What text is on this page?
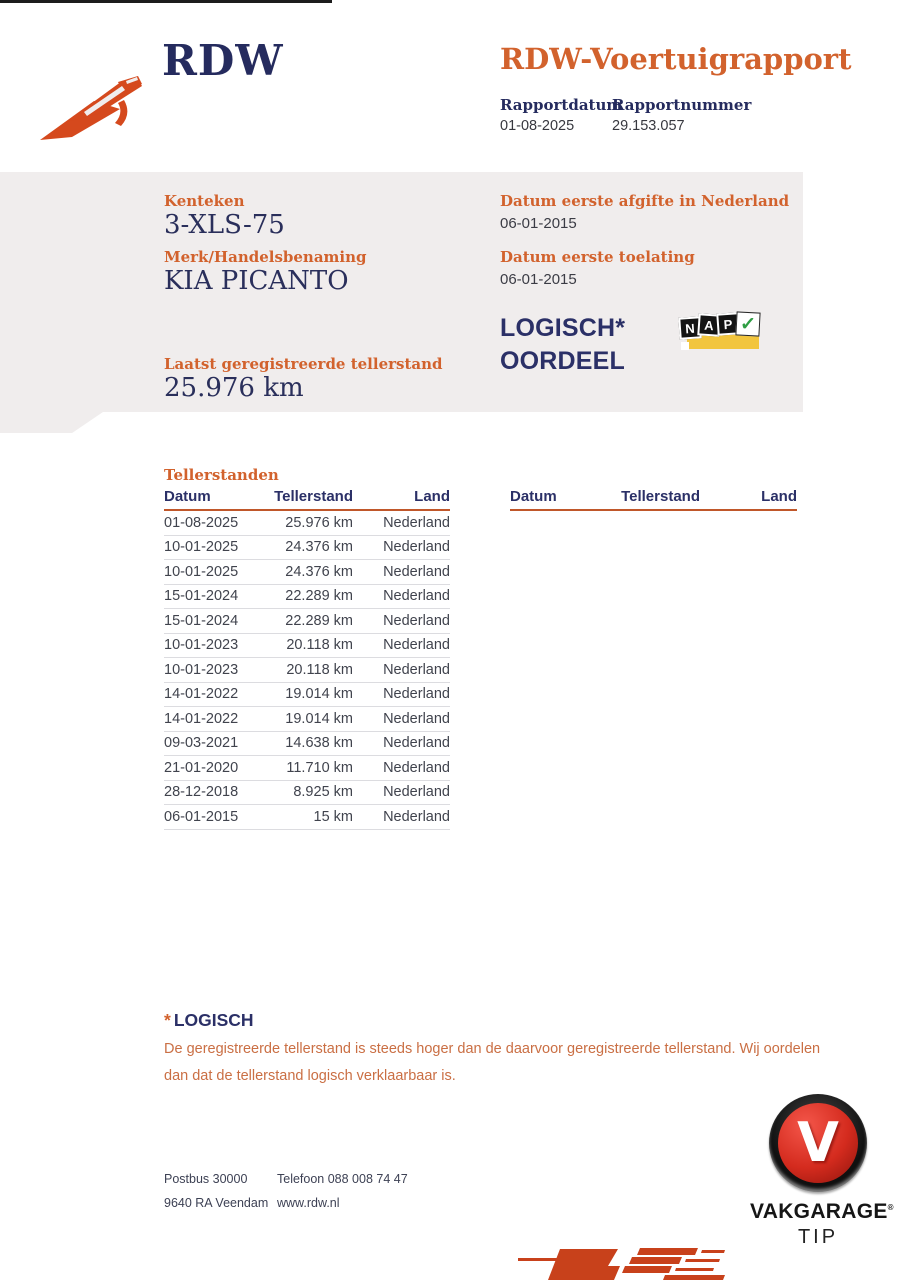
RDW	RDW-Voertuigrapport
Rapportdatum
Rapportnummer
01-08-2025	29.153.057
Kenteken
3-XLS-75
Merk/Handelsbenaming
KIA PICANTO
Laatst geregistreerde tellerstand
25.976 km
Datum eerste afgifte in Nederland
06-01-2015
Datum eerste toelating
06-01-2015
LOGISCH*
OORDEEL
N A P ✓
Tellerstanden
Datum	Tellerstand	Land
01-08-2025	25.976 km	Nederland
10-01-2025	24.376 km	Nederland
10-01-2025	24.376 km	Nederland
15-01-2024	22.289 km	Nederland
15-01-2024	22.289 km	Nederland
10-01-2023	20.118 km	Nederland
10-01-2023	20.118 km	Nederland
14-01-2022	19.014 km	Nederland
14-01-2022	19.014 km	Nederland
09-03-2021	14.638 km	Nederland
21-01-2020	11.710 km	Nederland
28-12-2018	8.925 km	Nederland
06-01-2015	15 km	Nederland
Datum	Tellerstand	Land
* LOGISCH
De geregistreerde tellerstand is steeds hoger dan de daarvoor geregistreerde tellerstand. Wij oordelen dan dat de tellerstand logisch verklaarbaar is.
Postbus 30000
9640 RA Veendam
Telefoon 088 008 74 47
www.rdw.nl
V
VAKGARAGE®
TIP
